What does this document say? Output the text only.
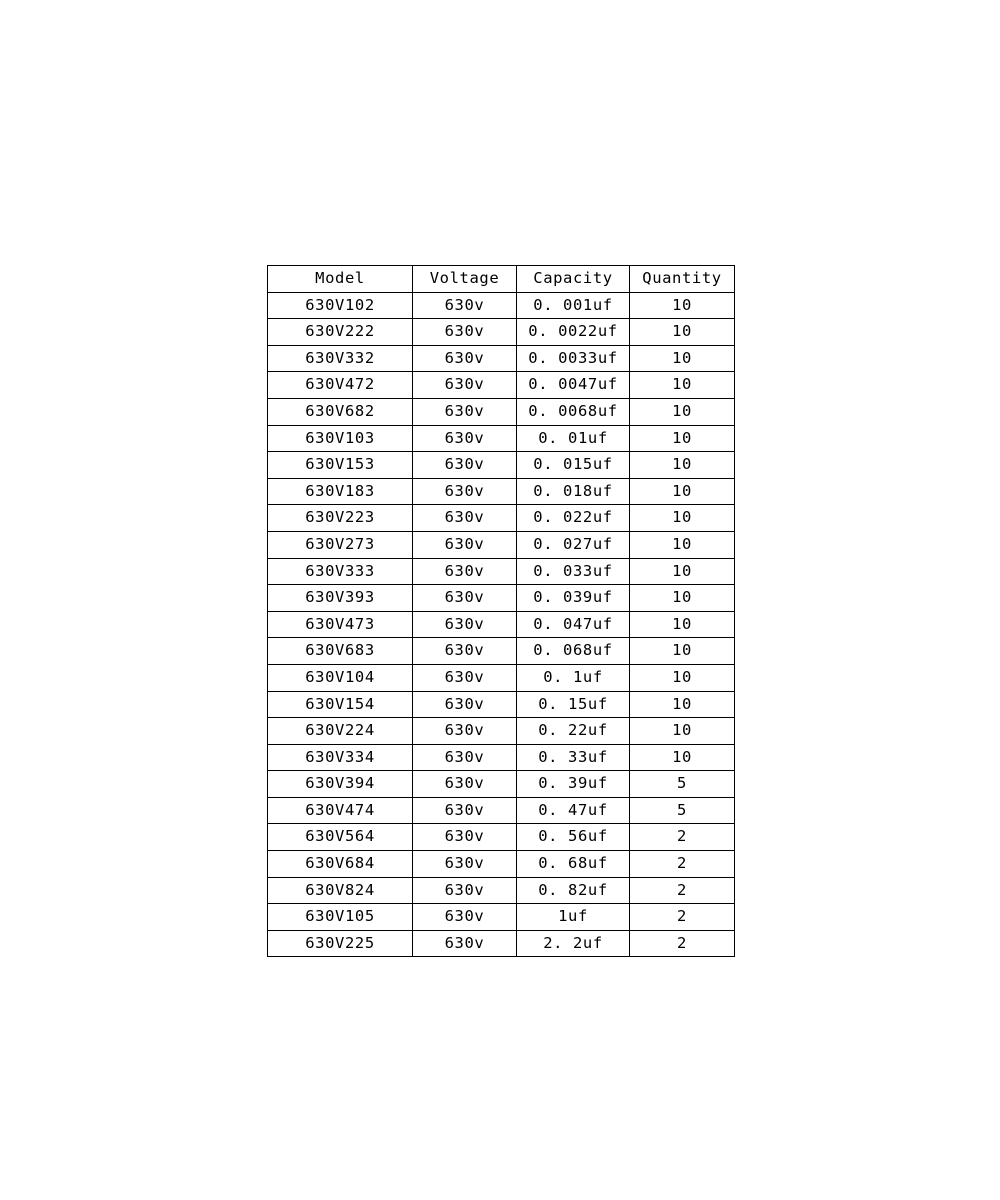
Model	Voltage	Capacity	Quantity
630V102	630v	0. 001uf	10
630V222	630v	0. 0022uf	10
630V332	630v	0. 0033uf	10
630V472	630v	0. 0047uf	10
630V682	630v	0. 0068uf	10
630V103	630v	0. 01uf	10
630V153	630v	0. 015uf	10
630V183	630v	0. 018uf	10
630V223	630v	0. 022uf	10
630V273	630v	0. 027uf	10
630V333	630v	0. 033uf	10
630V393	630v	0. 039uf	10
630V473	630v	0. 047uf	10
630V683	630v	0. 068uf	10
630V104	630v	0. 1uf	10
630V154	630v	0. 15uf	10
630V224	630v	0. 22uf	10
630V334	630v	0. 33uf	10
630V394	630v	0. 39uf	5
630V474	630v	0. 47uf	5
630V564	630v	0. 56uf	2
630V684	630v	0. 68uf	2
630V824	630v	0. 82uf	2
630V105	630v	1uf	2
630V225	630v	2. 2uf	2
